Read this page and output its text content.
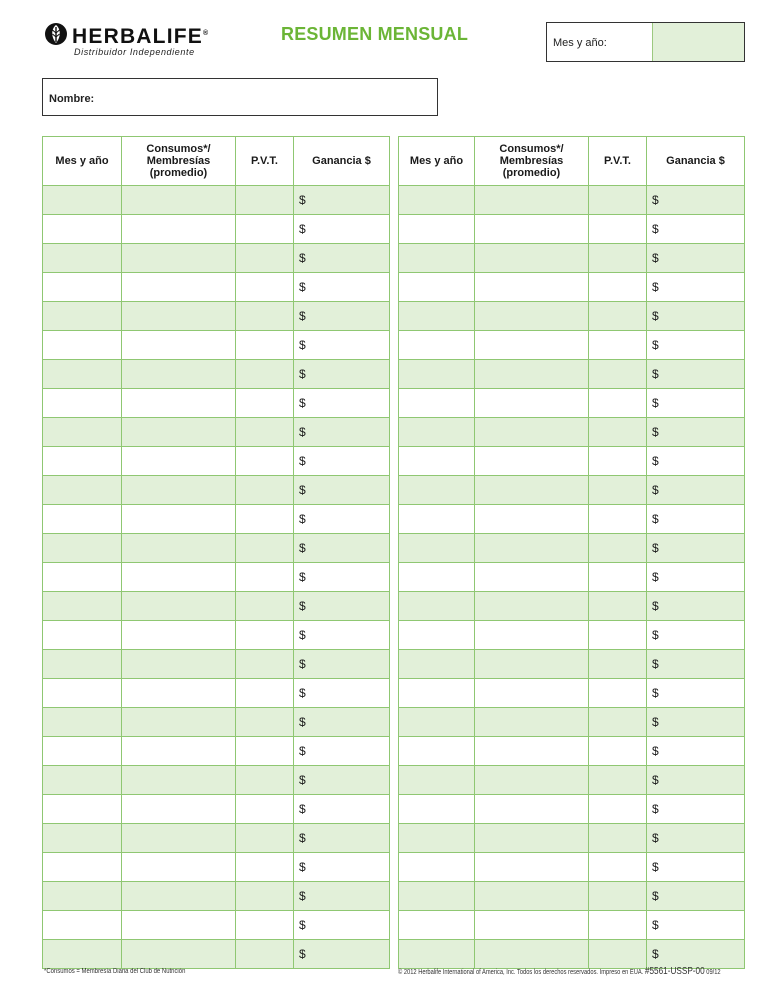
HERBALIFE®
Distribuidor Independiente
RESUMEN MENSUAL	Mes y año:
Nombre:
Mes y año	Consumos*/ Membresías (promedio)	P.V.T.	Ganancia $
			$
			$
			$
			$
			$
			$
			$
			$
			$
			$
			$
			$
			$
			$
			$
			$
			$
			$
			$
			$
			$
			$
			$
			$
			$
			$
			$
Mes y año	Consumos*/ Membresías (promedio)	P.V.T.	Ganancia $
			$
			$
			$
			$
			$
			$
			$
			$
			$
			$
			$
			$
			$
			$
			$
			$
			$
			$
			$
			$
			$
			$
			$
			$
			$
			$
			$
*Consumos = Membresía Diaria del Club de Nutrición	© 2012 Herbalife International of America, Inc. Todos los derechos reservados. Impreso en EUA. #5561-USSP-00 09/12
